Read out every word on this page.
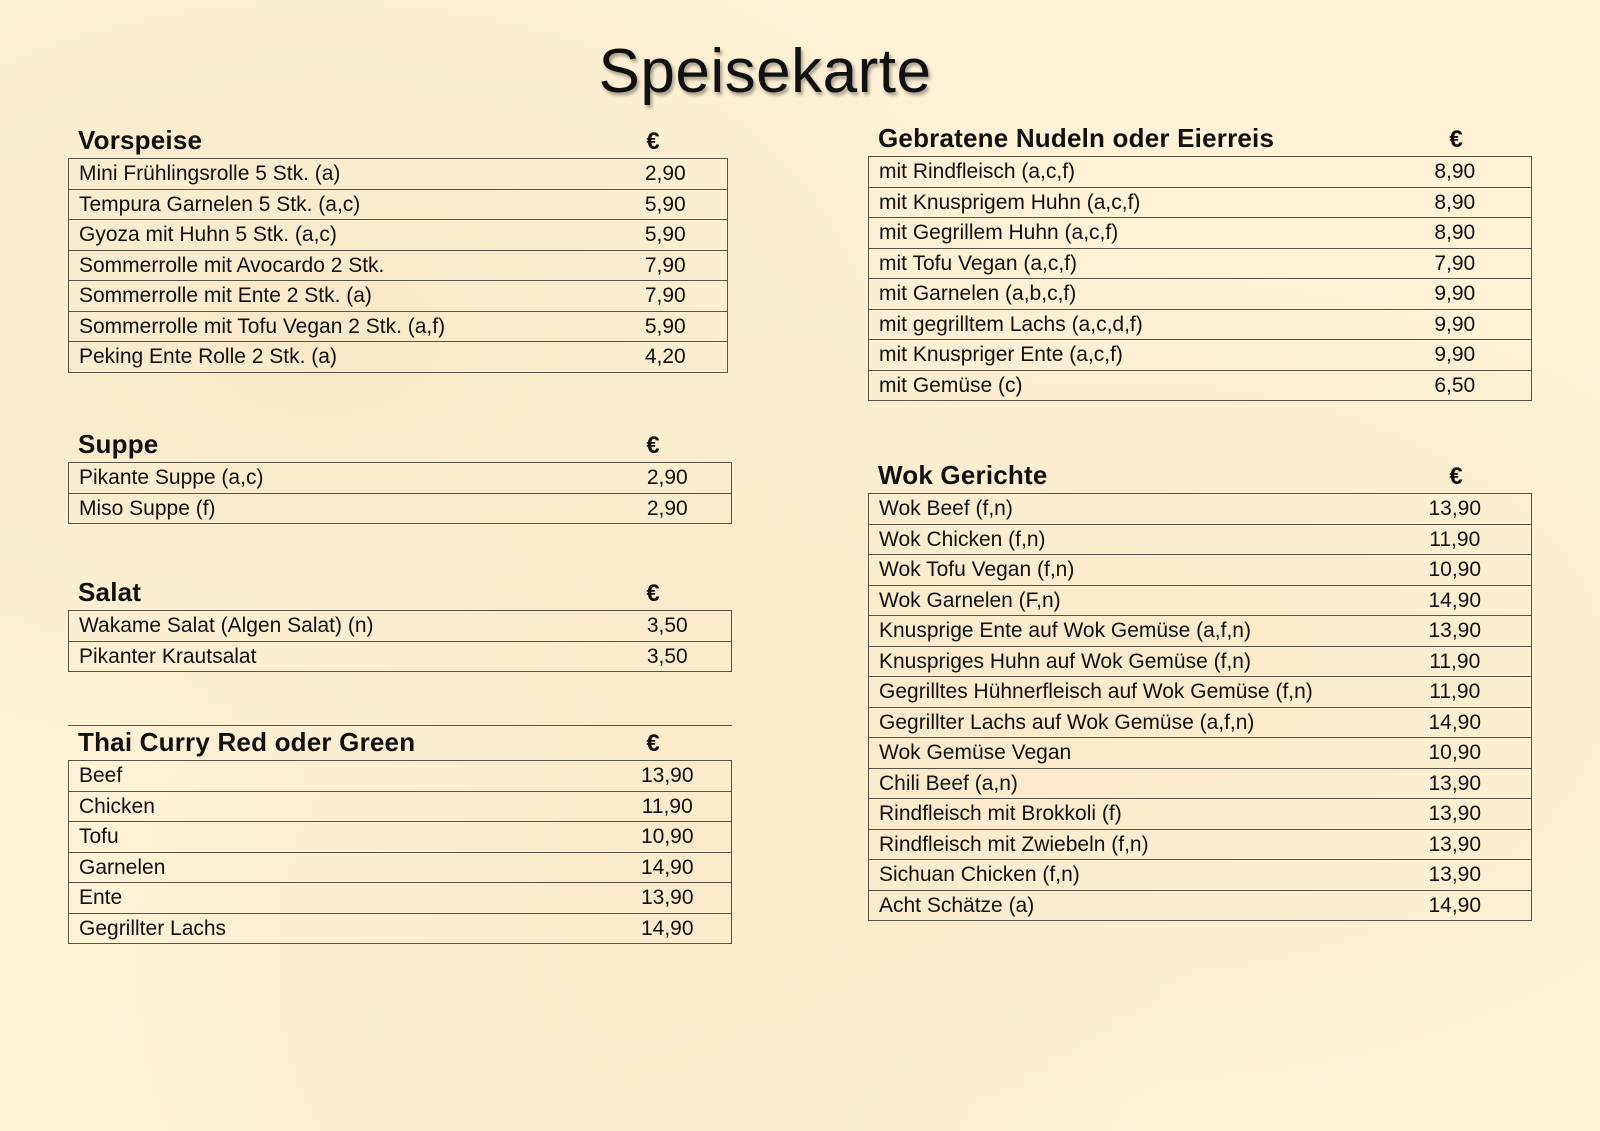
Speisekarte
Vorspeise	€
Mini Frühlingsrolle 5 Stk. (a)	2,90
Tempura Garnelen 5 Stk. (a,c)	5,90
Gyoza mit Huhn 5 Stk. (a,c)	5,90
Sommerrolle mit Avocardo 2 Stk.	7,90
Sommerrolle mit Ente 2 Stk. (a)	7,90
Sommerrolle mit Tofu Vegan 2 Stk. (a,f)	5,90
Peking Ente Rolle 2 Stk. (a)	4,20
Suppe	€
Pikante Suppe (a,c)	2,90
Miso Suppe (f)	2,90
Salat	€
Wakame Salat (Algen Salat) (n)	3,50
Pikanter Krautsalat	3,50
Thai Curry Red oder Green	€
Beef	13,90
Chicken	11,90
Tofu	10,90
Garnelen	14,90
Ente	13,90
Gegrillter Lachs	14,90
Gebratene Nudeln oder Eierreis	€
mit Rindfleisch (a,c,f)	8,90
mit Knusprigem Huhn (a,c,f)	8,90
mit Gegrillem Huhn (a,c,f)	8,90
mit Tofu Vegan (a,c,f)	7,90
mit Garnelen (a,b,c,f)	9,90
mit gegrilltem Lachs (a,c,d,f)	9,90
mit Knuspriger Ente (a,c,f)	9,90
mit Gemüse (c)	6,50
Wok Gerichte	€
Wok Beef (f,n)	13,90
Wok Chicken (f,n)	11,90
Wok Tofu Vegan (f,n)	10,90
Wok Garnelen (F,n)	14,90
Knusprige Ente auf Wok Gemüse (a,f,n)	13,90
Knuspriges Huhn auf Wok Gemüse (f,n)	11,90
Gegrilltes Hühnerfleisch auf Wok Gemüse (f,n)	11,90
Gegrillter Lachs auf Wok Gemüse (a,f,n)	14,90
Wok Gemüse Vegan	10,90
Chili Beef (a,n)	13,90
Rindfleisch mit Brokkoli (f)	13,90
Rindfleisch mit Zwiebeln (f,n)	13,90
Sichuan Chicken (f,n)	13,90
Acht Schätze (a)	14,90
